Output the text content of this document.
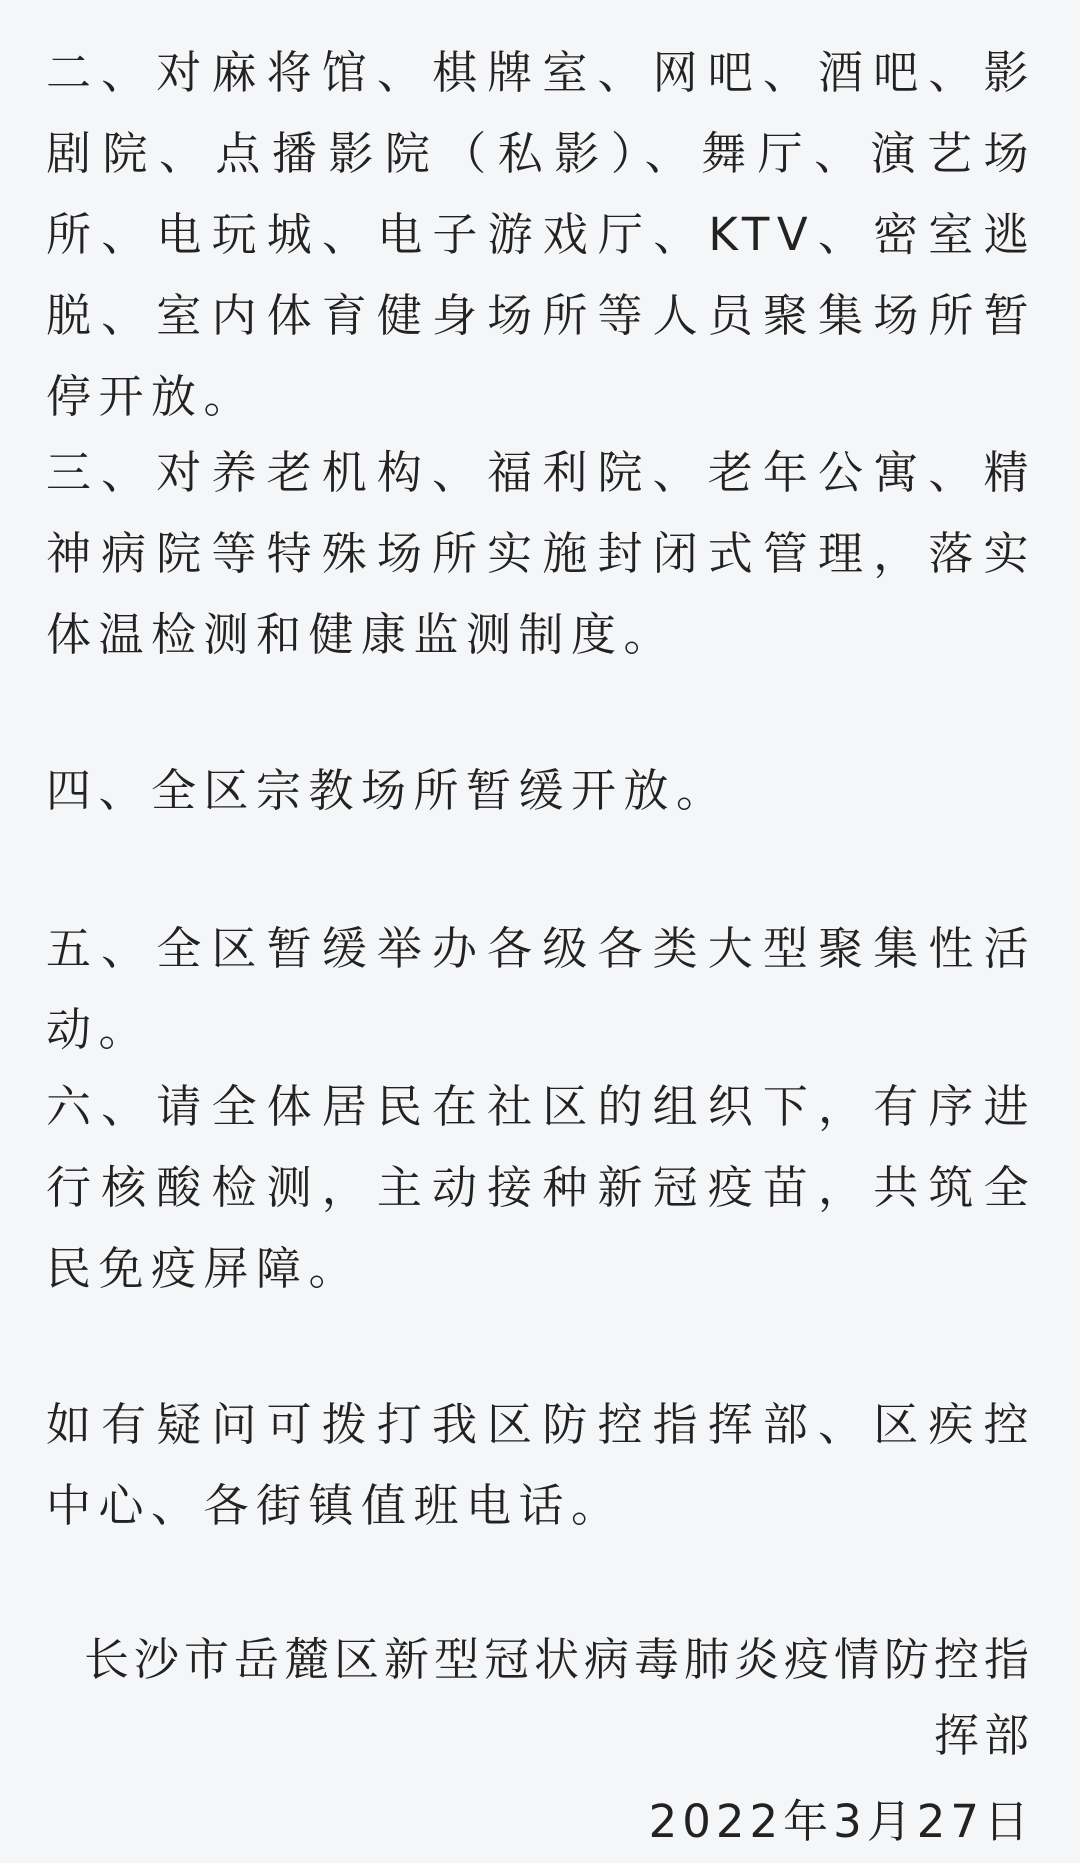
二、对麻将馆、棋牌室、网吧、酒吧、影剧院、点播影院（私影）、舞厅、演艺场所、电玩城、电子游戏厅、KTV、密室逃脱、室内体育健身场所等人员聚集场所暂停开放。

三、对养老机构、福利院、老年公寓、精神病院等特殊场所实施封闭式管理，落实体温检测和健康监测制度。

四、全区宗教场所暂缓开放。

五、全区暂缓举办各级各类大型聚集性活动。

六、请全体居民在社区的组织下，有序进行核酸检测，主动接种新冠疫苗，共筑全民免疫屏障。

如有疑问可拨打我区防控指挥部、区疾控中心、各街镇值班电话。

长沙市岳麓区新型冠状病毒肺炎疫情防控指挥部

2022年3月27日
